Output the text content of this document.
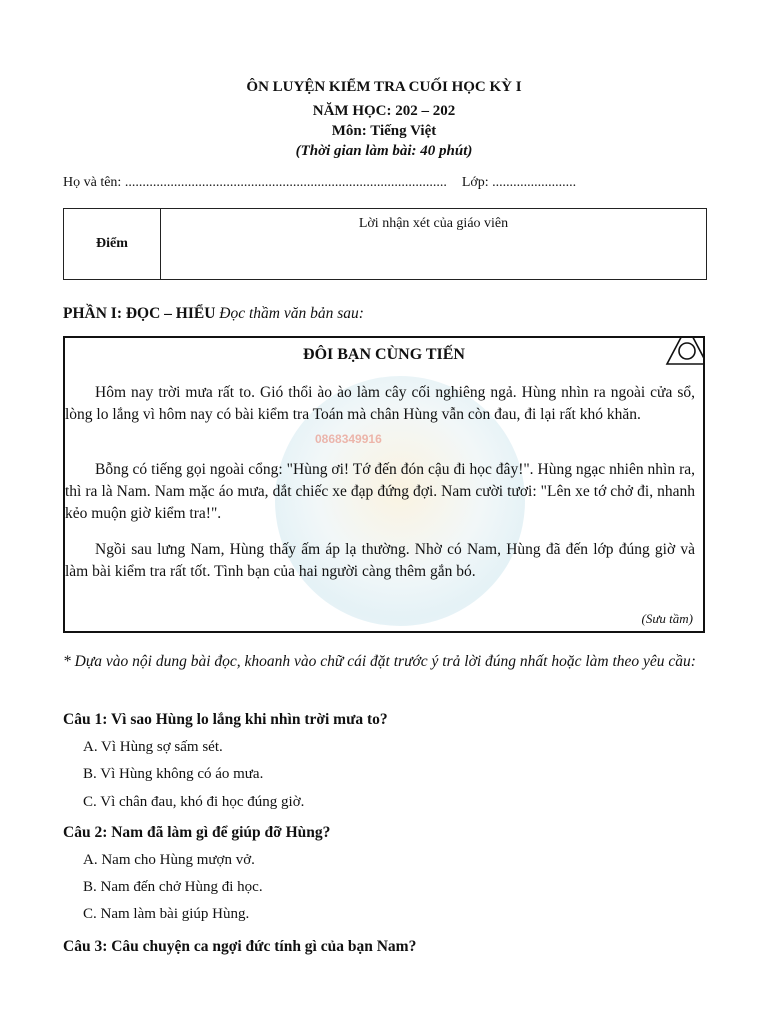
ÔN LUYỆN KIỂM TRA CUỐI HỌC KỲ I
NĂM HỌC: 202 – 202
Môn: Tiếng Việt
(Thời gian làm bài: 40 phút)
Họ và tên: ............................................................................................ Lớp: ........................
Điểm
Lời nhận xét của giáo viên
PHẦN I: ĐỌC – HIỂU Đọc thầm văn bản sau:
0868349916
ĐÔI BẠN CÙNG TIẾN
Hôm nay trời mưa rất to. Gió thổi ào ào làm cây cối nghiêng ngả. Hùng nhìn ra ngoài cửa sổ, lòng lo lắng vì hôm nay có bài kiểm tra Toán mà chân Hùng vẫn còn đau, đi lại rất khó khăn.
Bỗng có tiếng gọi ngoài cổng: "Hùng ơi! Tớ đến đón cậu đi học đây!". Hùng ngạc nhiên nhìn ra, thì ra là Nam. Nam mặc áo mưa, dắt chiếc xe đạp đứng đợi. Nam cười tươi: "Lên xe tớ chở đi, nhanh kẻo muộn giờ kiểm tra!".
Ngồi sau lưng Nam, Hùng thấy ấm áp lạ thường. Nhờ có Nam, Hùng đã đến lớp đúng giờ và làm bài kiểm tra rất tốt. Tình bạn của hai người càng thêm gắn bó.
(Sưu tầm)
* Dựa vào nội dung bài đọc, khoanh vào chữ cái đặt trước ý trả lời đúng nhất hoặc làm theo yêu cầu:
Câu 1: Vì sao Hùng lo lắng khi nhìn trời mưa to?
A. Vì Hùng sợ sấm sét.
B. Vì Hùng không có áo mưa.
C. Vì chân đau, khó đi học đúng giờ.
Câu 2: Nam đã làm gì để giúp đỡ Hùng?
A. Nam cho Hùng mượn vở.
B. Nam đến chở Hùng đi học.
C. Nam làm bài giúp Hùng.
Câu 3: Câu chuyện ca ngợi đức tính gì của bạn Nam?
